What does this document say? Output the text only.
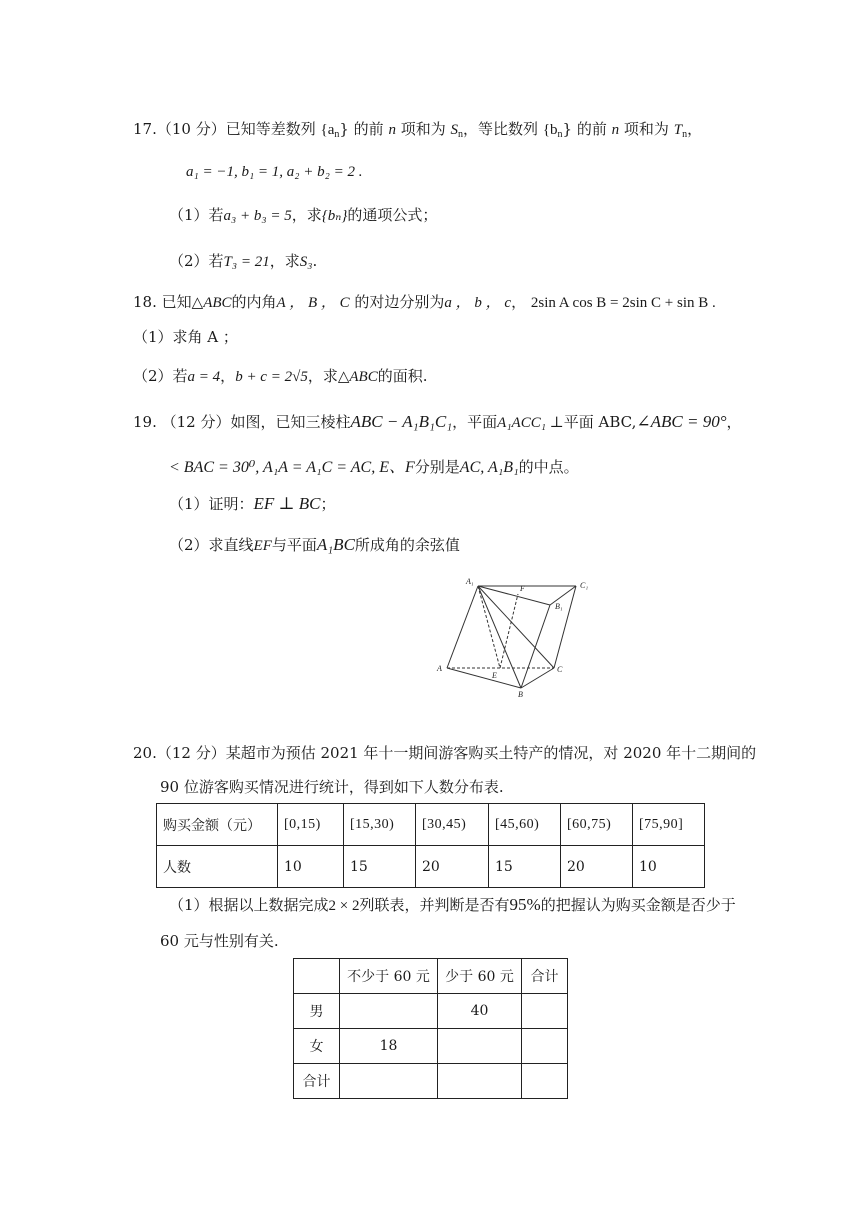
17.（10 分）已知等差数列 $\{a_n\}$ 的前 n 项和为 $S_n$，等比数列 $\{b_n\}$ 的前 n 项和为 $T_n$，
a₁ = −1, b₁ = 1, a₂ + b₂ = 2 .
（1）若a₃ + b₃ = 5，求{bₙ}的通项公式；
（2）若T₃ = 21，求S₃.
18. 已知△ABC的内角A ， B ， C 的对边分别为a ， b ， c， 2sin A cos B = 2sin C + sin B .
（1）求角 A ；
（2）若a = 4，b + c = 2√5，求△ABC的面积.
19. （12 分）如图，已知三棱柱ABC − A₁B₁C₁，平面A₁ACC₁ ⊥平面 ABC,∠ABC = 90°，
< BAC = 30⁰, A₁A = A₁C = AC, E、F分别是AC, A₁B₁的中点。
（1）证明：EF ⊥ BC；
（2）求直线EF与平面A₁BC所成角的余弦值
A₁
F	C₁
B₁
A
E
C
B
20.（12 分）某超市为预估 2021 年十一期间游客购买土特产的情况，对 2020 年十二期间的
90 位游客购买情况进行统计，得到如下人数分布表.
购买金额（元）	[0,15)	[15,30)	[30,45)	[45,60)	[60,75)	[75,90]
人数	10	15	20	15	20	10
（1）根据以上数据完成2 × 2列联表，并判断是否有95%的把握认为购买金额是否少于
60 元与性别有关.
	不少于 60 元	少于 60 元	合计
男		40	
女	18		
合计			
